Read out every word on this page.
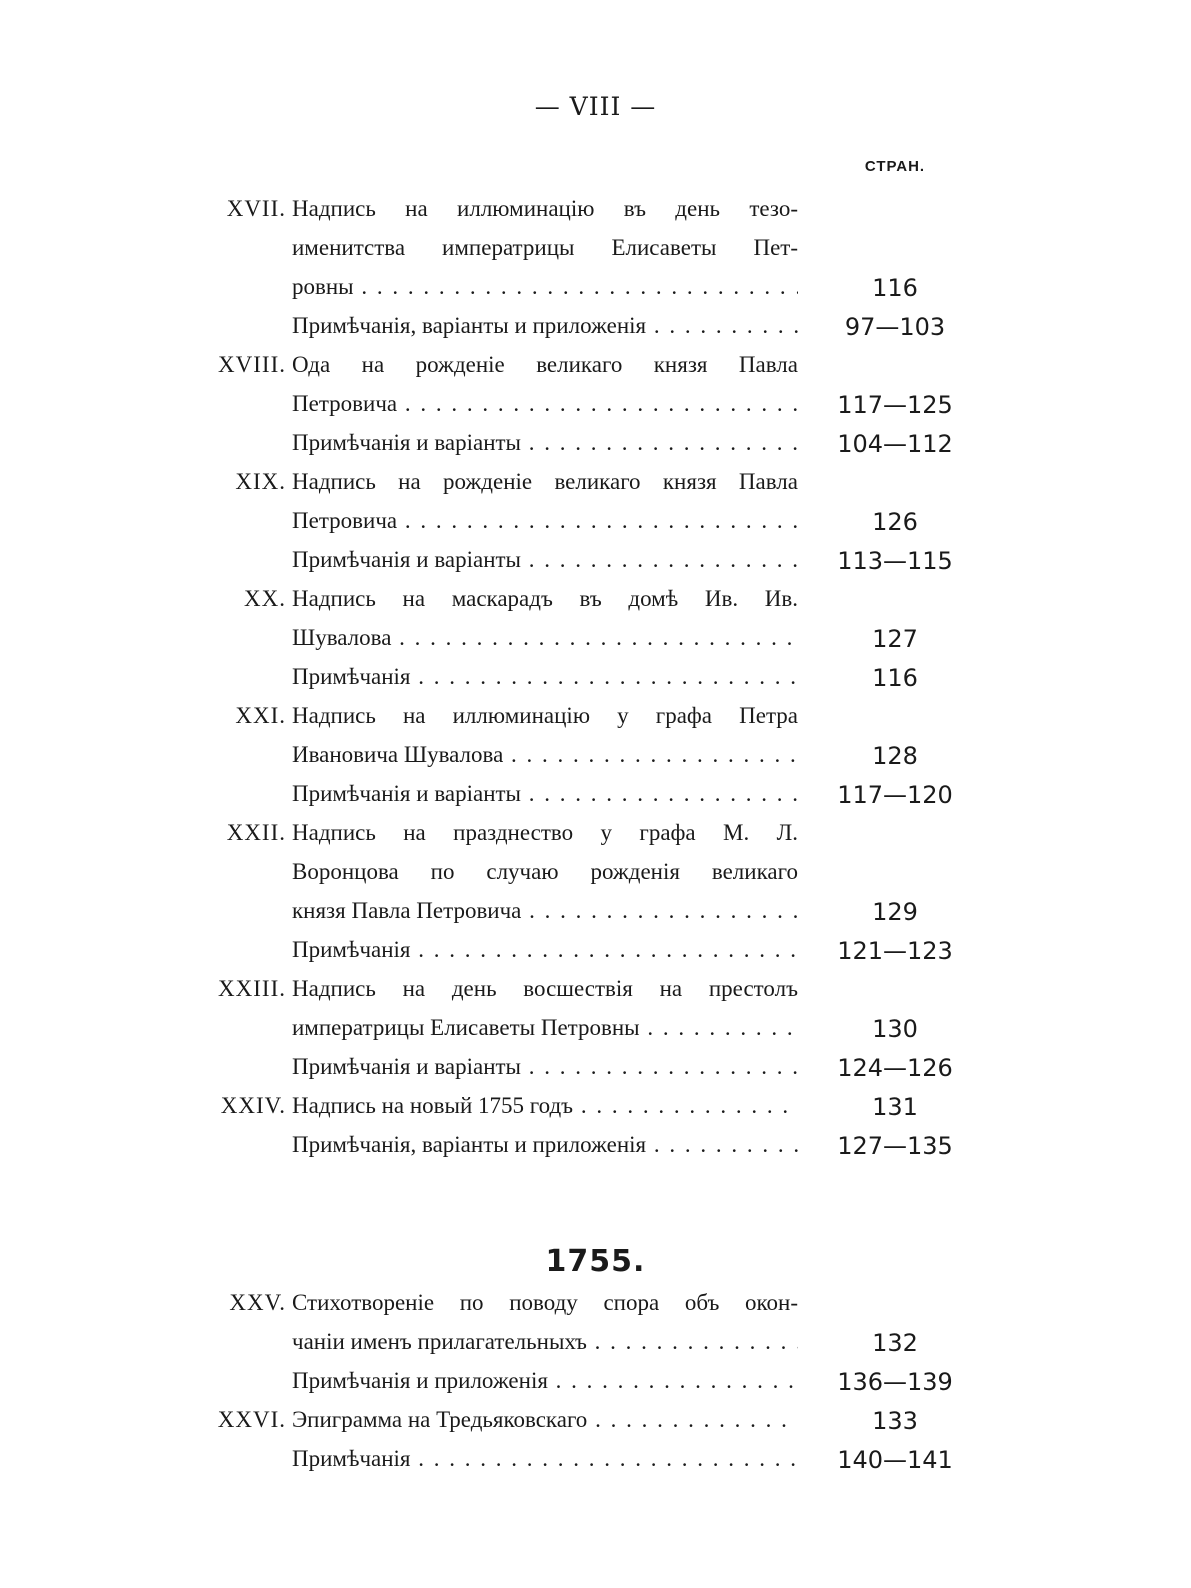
— VIII —
СТРАН.
XVII. Надпись на иллюминацію въ день тезо-
именитства императрицы Елисаветы Пет-
ровны . . .	116
Примѣчанія, варіанты и приложенія . . .	97—103
XVIII. Ода на рожденіе великаго князя Павла
Петровича . . .	117—125
Примѣчанія и варіанты . . .	104—112
XIX. Надпись на рожденіе великаго князя Павла
Петровича . . .	126
Примѣчанія и варіанты . . .	113—115
XX. Надпись на маскарадъ въ домѣ Ив. Ив.
Шувалова . . .	127
Примѣчанія . . .	116
XXI. Надпись на иллюминацію у графа Петра
Ивановича Шувалова . . .	128
Примѣчанія и варіанты . . .	117—120
XXII. Надпись на празднество у графа М. Л.
Воронцова по случаю рожденія великаго
князя Павла Петровича . . .	129
Примѣчанія . . .	121—123
XXIII. Надпись на день восшествія на престолъ
императрицы Елисаветы Петровны . . .	130
Примѣчанія и варіанты . . .	124—126
XXIV. Надпись на новый 1755 годъ . . .	131
Примѣчанія, варіанты и приложенія . . .	127—135
1755.
XXV. Стихотвореніе по поводу спора объ окон-
чаніи именъ прилагательныхъ . . .	132
Примѣчанія и приложенія . . .	136—139
XXVI. Эпиграмма на Тредьяковскаго . . .	133
Примѣчанія . . .	140—141
